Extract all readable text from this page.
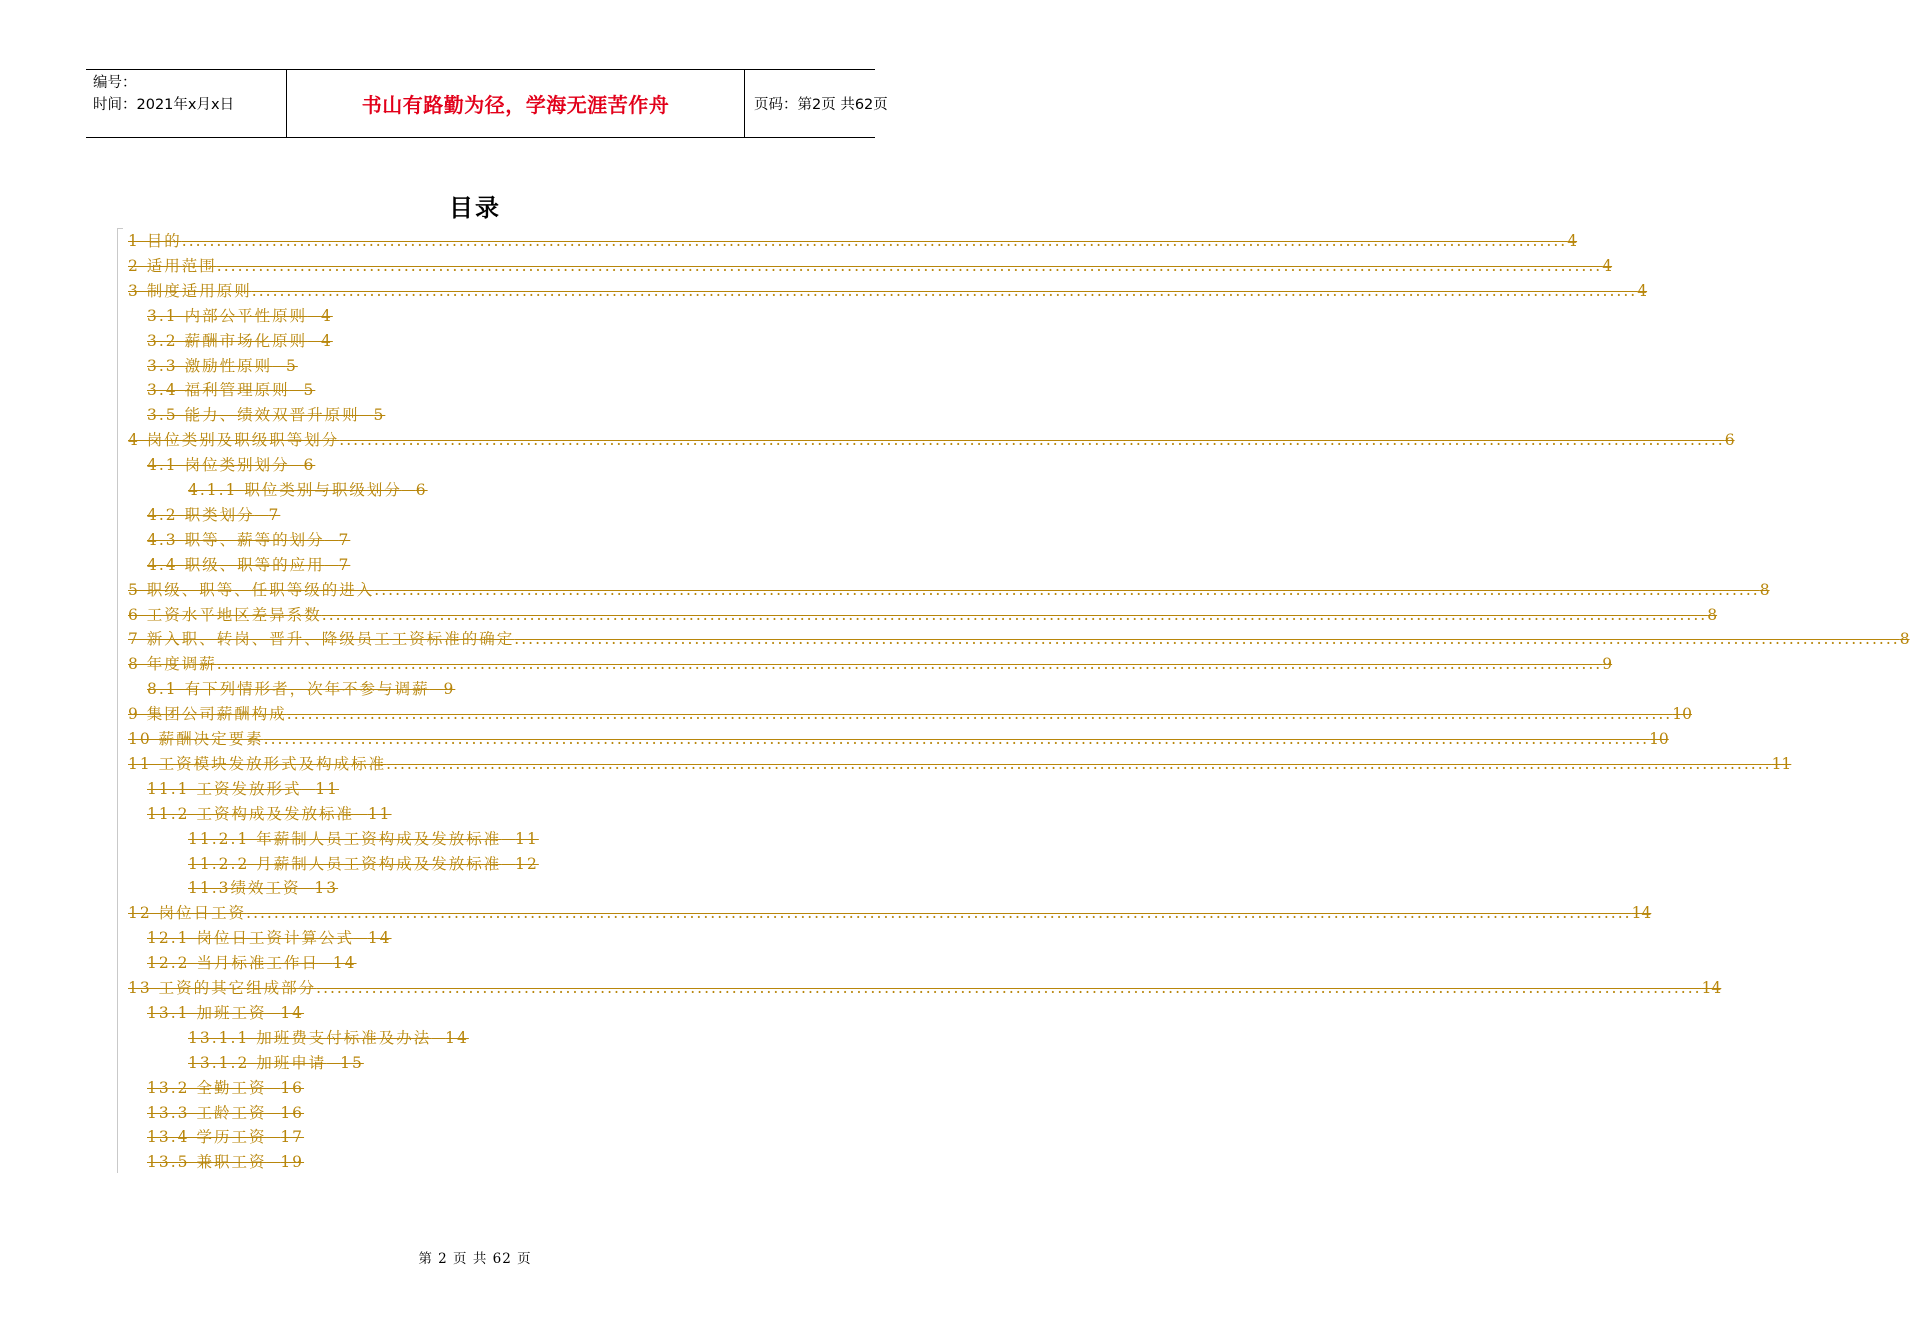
编号：
时间：2021年x月x日	书山有路勤为径，学海无涯苦作舟	页码：第2页 共62页
目录
1 目的 ........................................................................................................................................................................................................ 4
2 适用范围 ........................................................................................................................................................................................................ 4
3 制度适用原则 ........................................................................................................................................................................................................ 4
3.1 内部公平性原则 4
3.2 薪酬市场化原则 4
3.3 激励性原则 5
3.4 福利管理原则 5
3.5 能力、绩效双晋升原则 5
4 岗位类别及职级职等划分 ........................................................................................................................................................................................................ 6
4.1 岗位类别划分 6
4.1.1 职位类别与职级划分 6
4.2 职类划分 7
4.3 职等、薪等的划分 7
4.4 职级、职等的应用 7
5 职级、职等、任职等级的进入 ........................................................................................................................................................................................................ 8
6 工资水平地区差异系数 ........................................................................................................................................................................................................ 8
7 新入职、转岗、晋升、降级员工工资标准的确定 ........................................................................................................................................................................................................ 8
8 年度调薪 ........................................................................................................................................................................................................ 9
8.1 有下列情形者，次年不参与调薪 9
9 集团公司薪酬构成 ........................................................................................................................................................................................................ 10
10 薪酬决定要素 ........................................................................................................................................................................................................ 10
11 工资模块发放形式及构成标准 ........................................................................................................................................................................................................ 11
11.1 工资发放形式 11
11.2 工资构成及发放标准 11
11.2.1 年薪制人员工资构成及发放标准 11
11.2.2 月薪制人员工资构成及发放标准 12
11.3绩效工资 13
12 岗位日工资 ........................................................................................................................................................................................................ 14
12.1 岗位日工资计算公式 14
12.2 当月标准工作日 14
13 工资的其它组成部分 ........................................................................................................................................................................................................ 14
13.1 加班工资 14
13.1.1 加班费支付标准及办法 14
13.1.2 加班申请 15
13.2 全勤工资 16
13.3 工龄工资 16
13.4 学历工资 17
13.5 兼职工资 19
第 2 页 共 62 页
